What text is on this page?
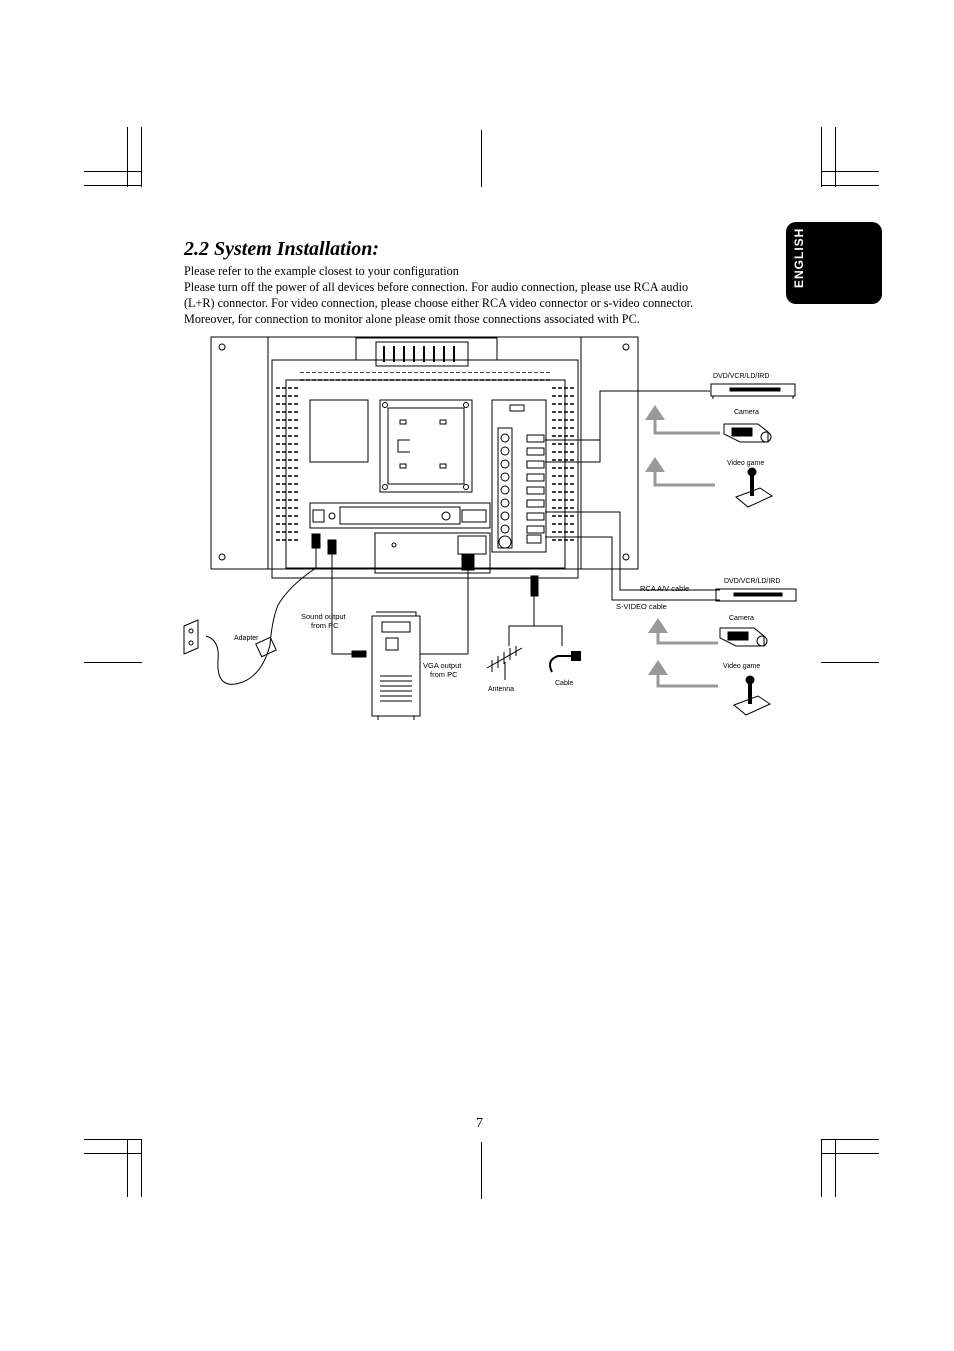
ENGLISH
2.2 System Installation:

Please refer to the example closest to your configuration

Please turn off the power of all devices before connection. For audio connection, please use RCA audio

(L+R) connector. For video connection, please choose either RCA video connector or s-video connector.

Moreover, for connection to monitor alone please omit those connections associated with PC.

DVD/VCR/LD/IRD
Camera
Video game
DVD/VCR/LD/IRD
RCA A/V cable
S-VIDEO cable
Camera
Video game
Adapter
Sound output
from PC
VGA output
from PC
Antenna
Cable
7
